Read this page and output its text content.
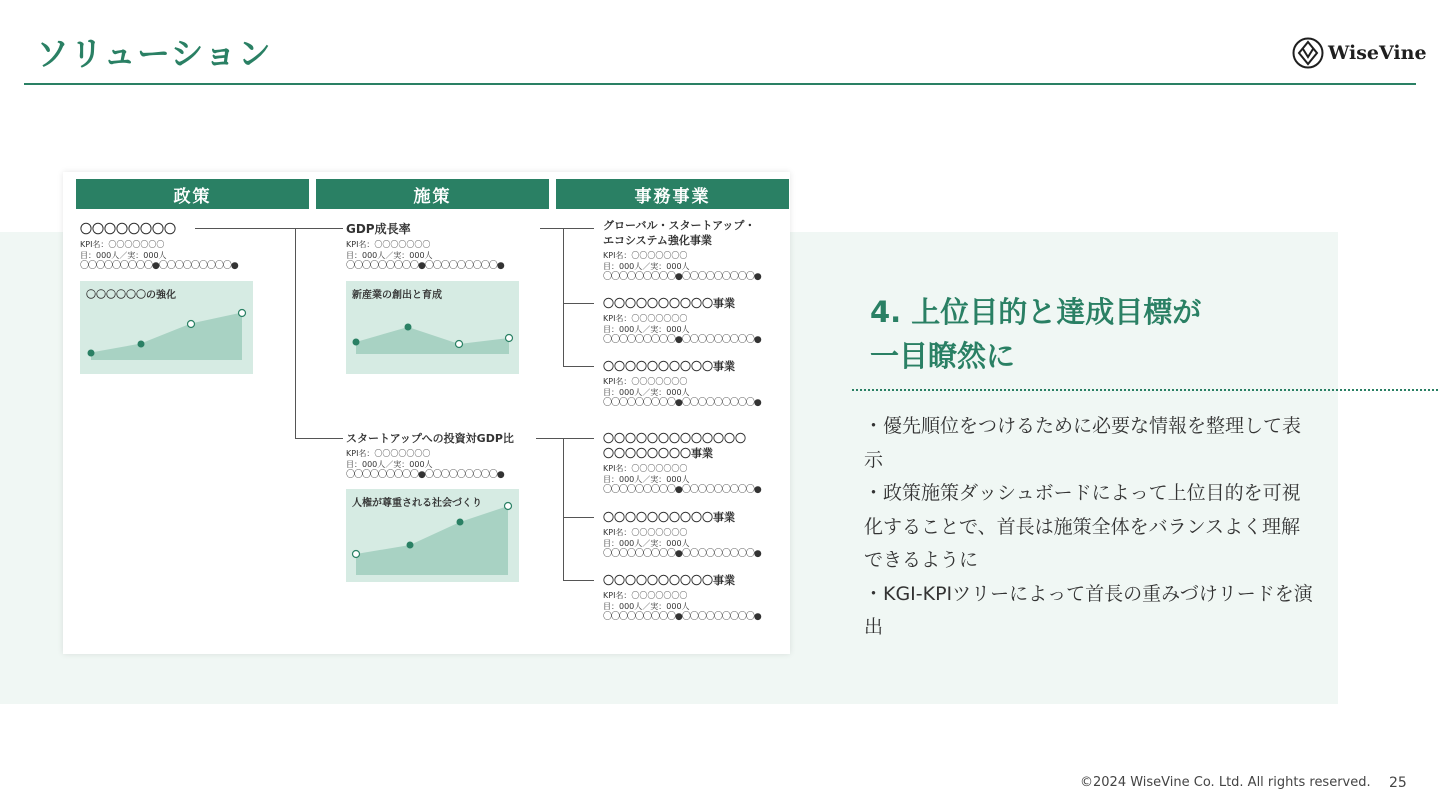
ソリューション	WiseVine
政策	施策	事務事業
〇〇〇〇〇〇〇〇
KPI名：〇〇〇〇〇〇〇
目：000人／実：000人
〇〇〇〇〇〇〇〇〇●〇〇〇〇〇〇〇〇〇●
〇〇〇〇〇〇の強化
GDP成長率
KPI名：〇〇〇〇〇〇〇
目：000人／実：000人
〇〇〇〇〇〇〇〇〇●〇〇〇〇〇〇〇〇〇●
新産業の創出と育成
スタートアップへの投資対GDP比
KPI名：〇〇〇〇〇〇〇
目：000人／実：000人
〇〇〇〇〇〇〇〇〇●〇〇〇〇〇〇〇〇〇●
人権が尊重される社会づくり
グローバル・スタートアップ・
エコシステム強化事業
KPI名：〇〇〇〇〇〇〇
目：000人／実：000人
〇〇〇〇〇〇〇〇〇●〇〇〇〇〇〇〇〇〇●
〇〇〇〇〇〇〇〇〇〇事業
KPI名：〇〇〇〇〇〇〇
目：000人／実：000人
〇〇〇〇〇〇〇〇〇●〇〇〇〇〇〇〇〇〇●
〇〇〇〇〇〇〇〇〇〇事業
KPI名：〇〇〇〇〇〇〇
目：000人／実：000人
〇〇〇〇〇〇〇〇〇●〇〇〇〇〇〇〇〇〇●
〇〇〇〇〇〇〇〇〇〇〇〇〇
〇〇〇〇〇〇〇〇事業
KPI名：〇〇〇〇〇〇〇
目：000人／実：000人
〇〇〇〇〇〇〇〇〇●〇〇〇〇〇〇〇〇〇●
〇〇〇〇〇〇〇〇〇〇事業
KPI名：〇〇〇〇〇〇〇
目：000人／実：000人
〇〇〇〇〇〇〇〇〇●〇〇〇〇〇〇〇〇〇●
〇〇〇〇〇〇〇〇〇〇事業
KPI名：〇〇〇〇〇〇〇
目：000人／実：000人
〇〇〇〇〇〇〇〇〇●〇〇〇〇〇〇〇〇〇●
4. 上位目的と達成目標が
一目瞭然に
・優先順位をつけるために必要な情報を整理して表示
・政策施策ダッシュボードによって上位目的を可視化することで、首長は施策全体をバランスよく理解できるように
・KGI-KPIツリーによって首長の重みづけリードを演出
©2024 WiseVine Co. Ltd. All rights reserved. 25
